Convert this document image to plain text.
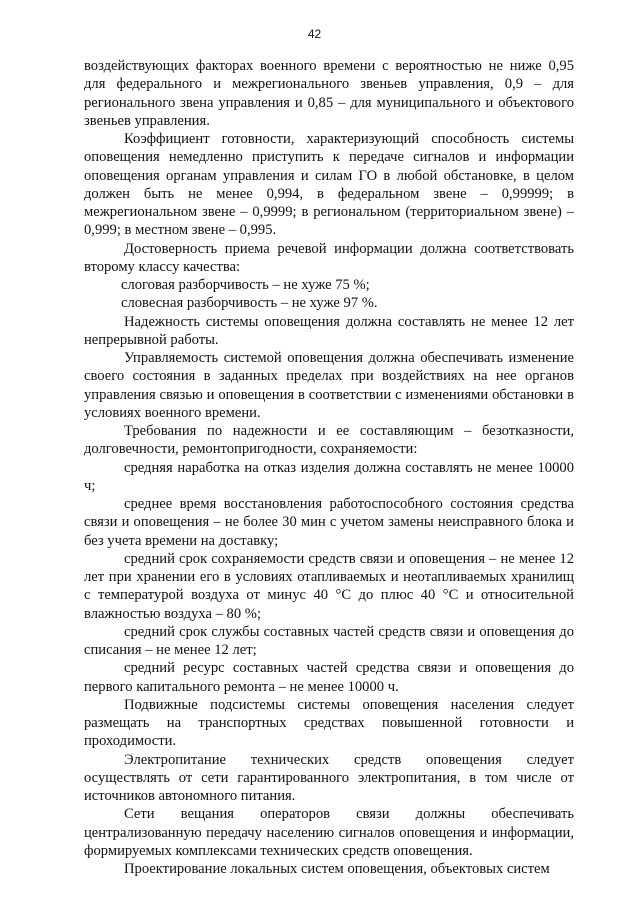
42

воздействующих факторах военного времени с вероятностью не ниже 0,95 для федерального и межрегионального звеньев управления, 0,9 – для регионального звена управления и 0,85 – для муниципального и объектового звеньев управления.

Коэффициент готовности, характеризующий способность системы оповещения немедленно приступить к передаче сигналов и информации оповещения органам управления и силам ГО в любой обстановке, в целом должен быть не менее 0,994, в федеральном звене – 0,99999; в межрегиональном звене – 0,9999; в региональном (территориальном звене) – 0,999; в местном звене – 0,995.

Достоверность приема речевой информации должна соответствовать второму классу качества:

слоговая разборчивость – не хуже 75 %;

словесная разборчивость – не хуже 97 %.

Надежность системы оповещения должна составлять не менее 12 лет непрерывной работы.

Управляемость системой оповещения должна обеспечивать изменение своего состояния в заданных пределах при воздействиях на нее органов управления связью и оповещения в соответствии с изменениями обстановки в условиях военного времени.

Требования по надежности и ее составляющим – безотказности, долговечности, ремонтопригодности, сохраняемости:

средняя наработка на отказ изделия должна составлять не менее 10000 ч;

среднее время восстановления работоспособного состояния средства связи и оповещения – не более 30 мин с учетом замены неисправного блока и без учета времени на доставку;

средний срок сохраняемости средств связи и оповещения – не менее 12 лет при хранении его в условиях отапливаемых и неотапливаемых хранилищ с температурой воздуха от минус 40 °С до плюс 40 °С и относительной влажностью воздуха – 80 %;

средний срок службы составных частей средств связи и оповещения до списания – не менее 12 лет;

средний ресурс составных частей средства связи и оповещения до первого капитального ремонта – не менее 10000 ч.

Подвижные подсистемы системы оповещения населения следует размещать на транспортных средствах повышенной готовности и проходимости.

Электропитание технических средств оповещения следует осуществлять от сети гарантированного электропитания, в том числе от источников автономного питания.

Сети вещания операторов связи должны обеспечивать централизованную передачу населению сигналов оповещения и информации, формируемых комплексами технических средств оповещения.

Проектирование локальных систем оповещения, объектовых систем
